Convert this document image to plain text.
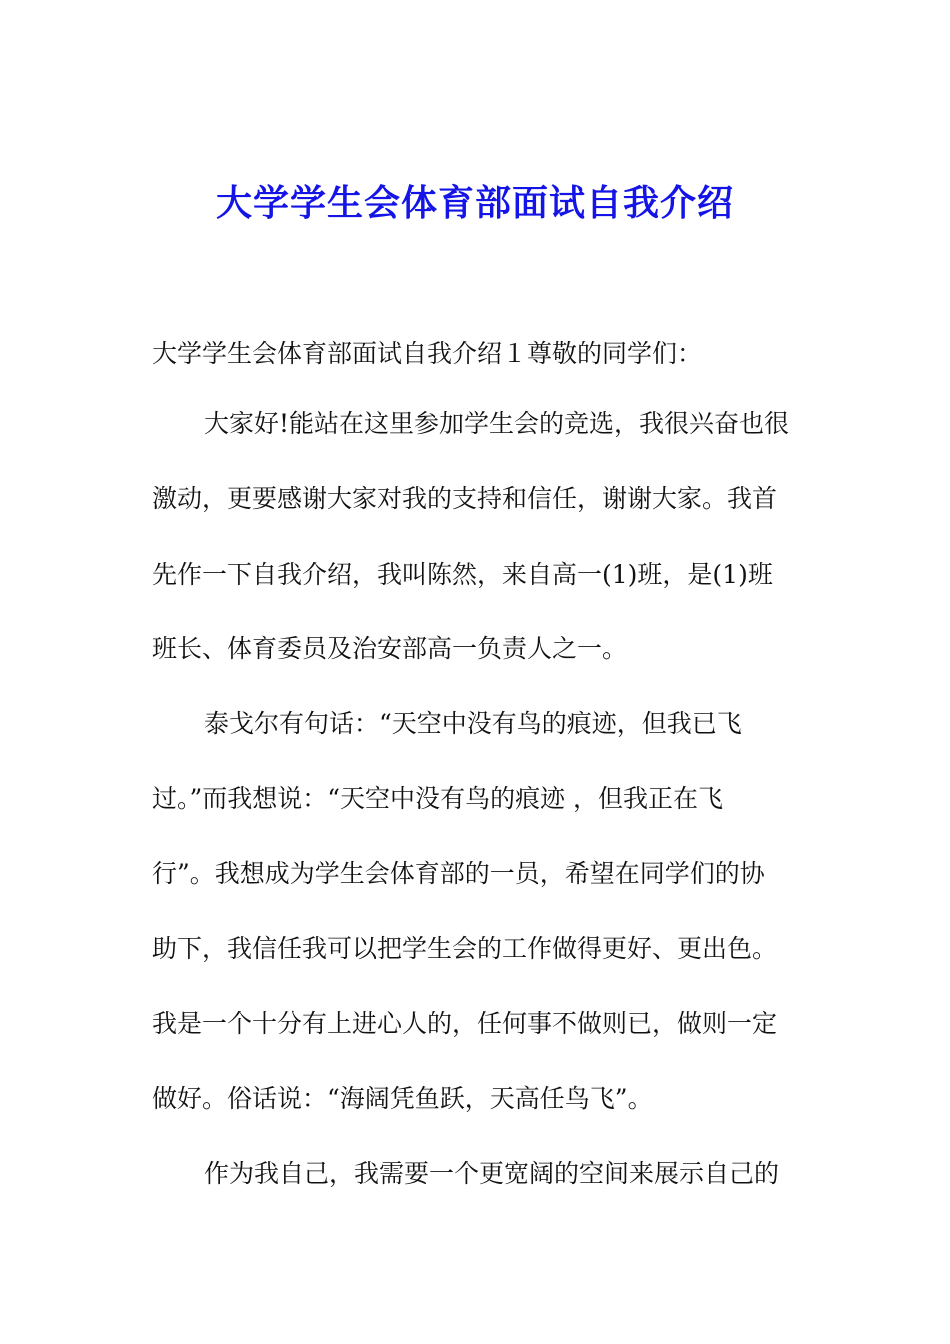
大学学生会体育部面试自我介绍

大学学生会体育部面试自我介绍１尊敬的同学们：

大家好!能站在这里参加学生会的竞选，我很兴奋也很

激动，更要感谢大家对我的支持和信任，谢谢大家。我首

先作一下自我介绍，我叫陈然，来自高一(1)班，是(1)班

班长、体育委员及治安部高一负责人之一。

泰戈尔有句话：“天空中没有鸟的痕迹，但我已飞

过。”而我想说：“天空中没有鸟的痕迹 ，但我正在飞

行”。我想成为学生会体育部的一员，希望在同学们的协

助下，我信任我可以把学生会的工作做得更好、更出色。

我是一个十分有上进心人的，任何事不做则已，做则一定

做好。俗话说：“海阔凭鱼跃，天高任鸟飞”。

作为我自己，我需要一个更宽阔的空间来展示自己的
